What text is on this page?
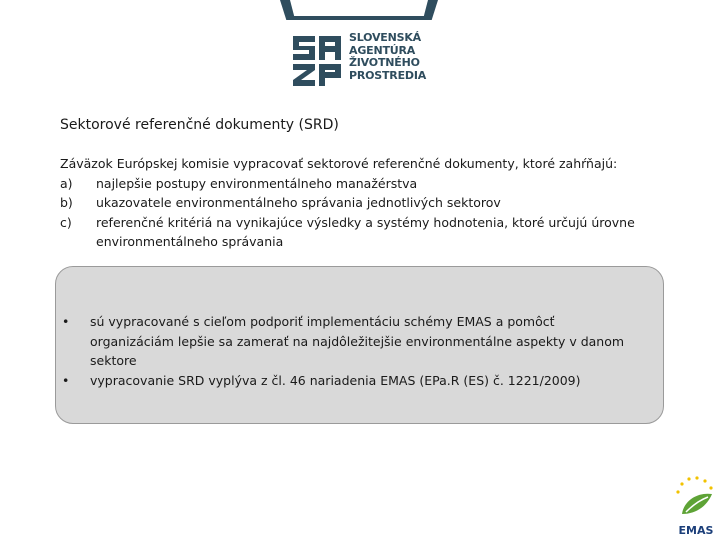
SLOVENSKÁ
AGENTÚRA
ŽIVOTNÉHO
PROSTREDIA
Sektorové referenčné dokumenty (SRD)
Záväzok Európskej komisie vypracovať sektorové referenčné dokumenty, ktoré zahŕňajú:
a)	najlepšie postupy environmentálneho manažérstva
b)	ukazovatele environmentálneho správania jednotlivých sektorov
c)	referenčné kritériá na vynikajúce výsledky a systémy hodnotenia, ktoré určujú úrovne
environmentálneho správania
•	sú vypracované s cieľom podporiť implementáciu schémy EMAS a pomôcť
organizáciám lepšie sa zamerať na najdôležitejšie environmentálne aspekty v danom
sektore
•	vypracovanie SRD vyplýva z čl. 46 nariadenia EMAS (EPa.R (ES) č. 1221/2009)
EMAS
